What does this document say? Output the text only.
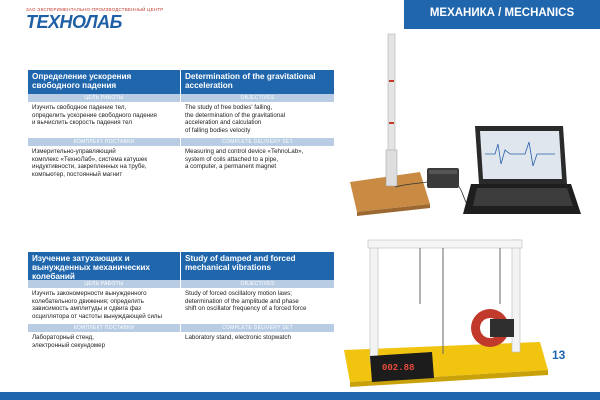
ЗАО ЭКСПЕРИМЕНТАЛЬНО-ПРОИЗВОДСТВЕННЫЙ ЦЕНТР
ТЕХНОЛАБ	МЕХАНИКА / MECHANICS
Определение ускорения свободного падения
Determination of the gravitational acceleration
ЦЕЛЬ РАБОТЫ	OBJECTIVES
Изучить свободное падение тел,
определить ускорение свободного падения
и вычислить скорость падения тел
The study of free bodies' falling,
the determination of the gravitational
acceleration and calculation
of falling bodies velocity
КОМПЛЕКТ ПОСТАВКИ	COMPLETE DELIVERY SET
Измерительно-управляющий
комплекс «ТехноЛаб», система катушек
индуктивности, закрепленных на трубе,
компьютер, постоянный магнит
Measuring and control device «TehnoLab»,
system of coils attached to a pipe,
a computer, a permanent magnet
Изучение затухающих и вынужденных механических колебаний
Study of damped and forced mechanical vibrations
ЦЕЛЬ РАБОТЫ	OBJECTIVES
Изучить закономерности вынужденного
колебательного движения; определить
зависимость амплитуды и сдвига фаз
осциллятора от частоты вынуждающей силы
Study of forced oscillatory motion laws;
determination of the amplitude and phase
shift on oscillator frequency of a forced force
КОМПЛЕКТ ПОСТАВКИ	COMPLETE DELIVERY SET
Лабораторный стенд,
электронный секундомер
Laboratory stand, electronic stopwatch
002.88
13
